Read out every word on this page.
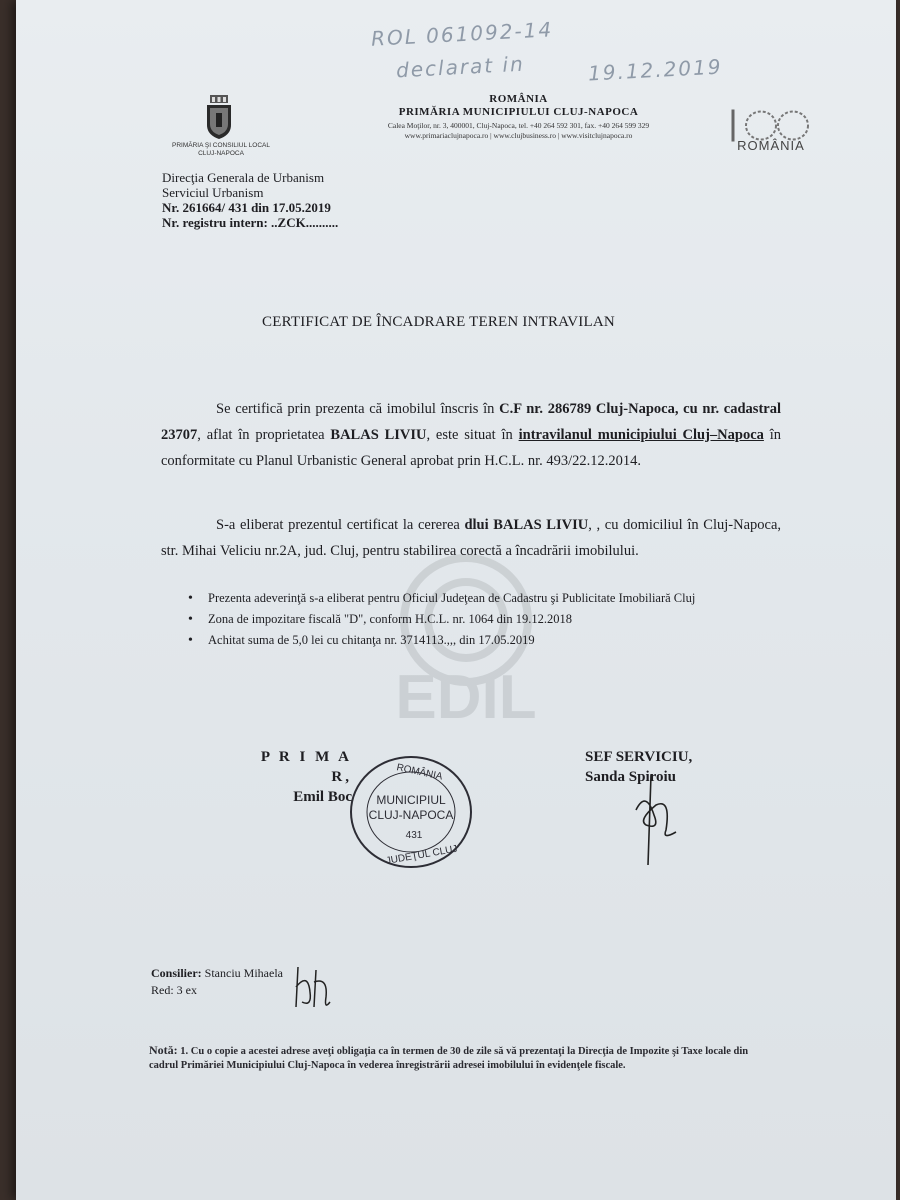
ROL 061092-14
declarat in	19.12.2019
PRIMĂRIA ŞI CONSILIUL LOCAL
CLUJ-NAPOCA
ROMÂNIA
PRIMĂRIA MUNICIPIULUI CLUJ-NAPOCA
Calea Moţilor, nr. 3, 400001, Cluj-Napoca, tel. +40 264 592 301, fax. +40 264 599 329
www.primariaclujnapoca.ro | www.clujbusiness.ro | www.visitclujnapoca.ro
ROMÂNIA
Direcţia Generala de Urbanism
Serviciul Urbanism
Nr. 261664/ 431 din 17.05.2019
Nr. registru intern: ..ZCK..........
CERTIFICAT DE ÎNCADRARE TEREN INTRAVILAN
EDIL
Se certifică prin prezenta că imobilul înscris în C.F nr. 286789 Cluj-Napoca, cu nr. cadastral 23707, aflat în proprietatea BALAS LIVIU, este situat în intravilanul municipiului Cluj–Napoca în conformitate cu Planul Urbanistic General aprobat prin H.C.L. nr. 493/22.12.2014.
S-a eliberat prezentul certificat la cererea dlui BALAS LIVIU, , cu domiciliul în Cluj-Napoca, str. Mihai Veliciu nr.2A, jud. Cluj, pentru stabilirea corectă a încadrării imobilului.
• Prezenta adeverinţă s-a eliberat pentru Oficiul Judeţean de Cadastru şi Publicitate Imobiliară Cluj
• Zona de impozitare fiscală "D", conform H.C.L. nr. 1064 din 19.12.2018
• Achitat suma de 5,0 lei cu chitanţa nr. 3714113.,,, din 17.05.2019
P R I M A R,
Emil Boc
SEF SERVICIU,
Sanda Spiroiu
ROMÂNIA
MUNICIPIUL
CLUJ-NAPOCA
431
JUDEŢUL CLUJ
Consilier: Stanciu Mihaela
Red: 3 ex
Notă: 1. Cu o copie a acestei adrese aveţi obligaţia ca în termen de 30 de zile să vă prezentaţi la Direcţia de Impozite şi Taxe locale din cadrul Primăriei Municipiului Cluj-Napoca în vederea înregistrării adresei imobilului în evidenţele fiscale.
